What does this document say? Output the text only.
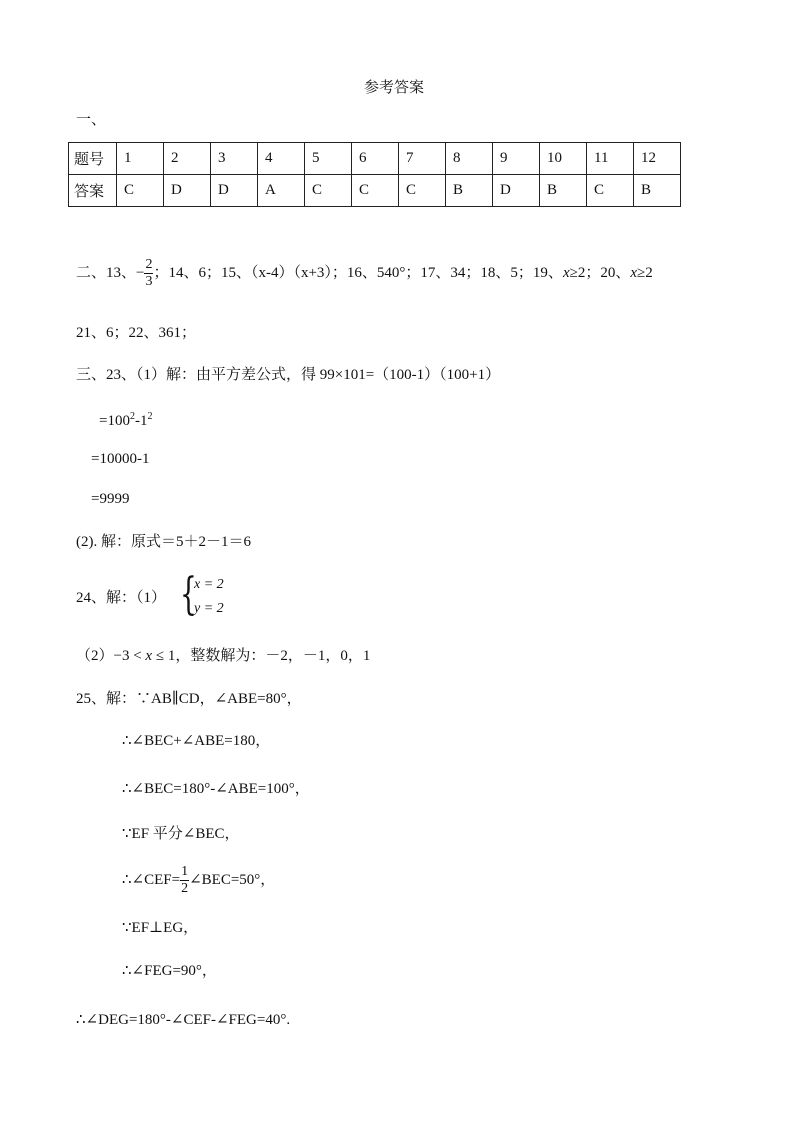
参考答案
一、
题号	1	2	3	4	5	6	7	8	9	10	11	12
答案	C	D	D	A	C	C	C	B	D	B	C	B
二、13、− $\frac{2}{3}$ ；14、6；15、（x-4）（x+3）；16、540°；17、34；18、5；19、x≥2；20、x≥2
21、6；22、361；
三、23、（1）解：由平方差公式，得 99×101=（100-1）（100+1）
$=100^2-1^2$
=10000-1
=9999
(2). 解：原式＝5＋2－1＝6
24、解：（1） {
x = 2
y = 2
（2）−3 < x ≤ 1，整数解为：－2，－1，0，1
25、解：∵AB∥CD，∠ABE=80°，
∴∠BEC+∠ABE=180，
∴∠BEC=180°-∠ABE=100°，
∵EF 平分∠BEC，
∴∠CEF= $\frac{1}{2}$ ∠BEC=50°，
∵EF⊥EG，
∴∠FEG=90°，
∴∠DEG=180°-∠CEF-∠FEG=40°.
